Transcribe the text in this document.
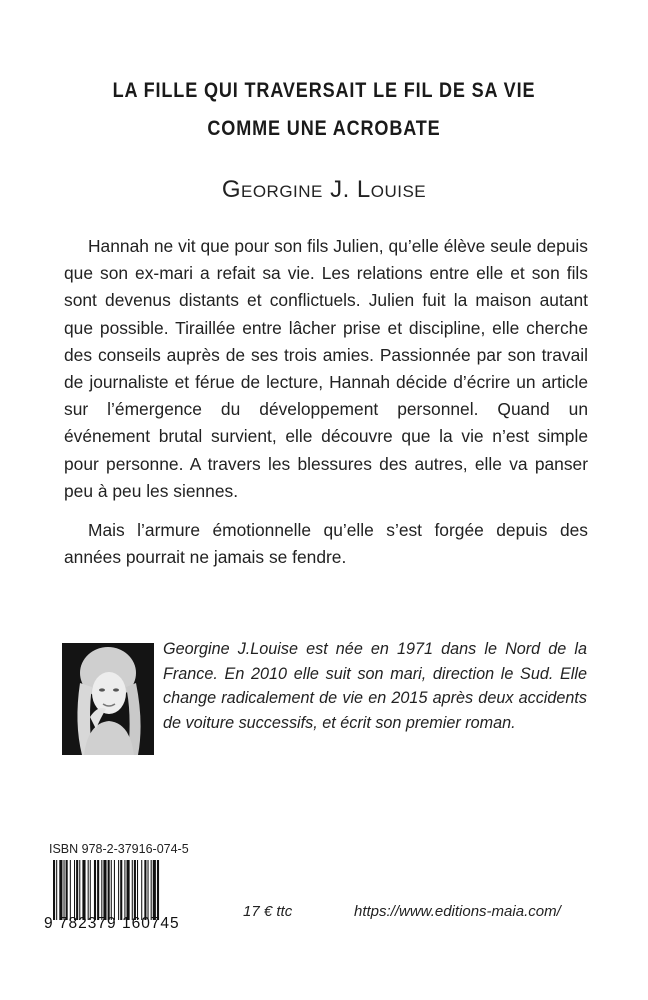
LA FILLE QUI TRAVERSAIT LE FIL DE SA VIE
COMME UNE ACROBATE
Georgine J. Louise

Hannah ne vit que pour son fils Julien, qu’elle élève seule depuis que son ex-mari a refait sa vie. Les relations entre elle et son fils sont devenus distants et conflictuels. Julien fuit la maison autant que possible. Tiraillée entre lâcher prise et discipline, elle cherche des conseils auprès de ses trois amies. Passionnée par son travail de journaliste et férue de lecture, Hannah décide d’écrire un article sur l’émergence du développement personnel. Quand un événement brutal survient, elle découvre que la vie n’est simple pour personne. A travers les blessures des autres, elle va panser peu à peu les siennes.

Mais l’armure émotionnelle qu’elle s’est forgée depuis des années pourrait ne jamais se fendre.

Georgine J.Louise est née en 1971 dans le Nord de la France. En 2010 elle suit son mari, direction le Sud. Elle change radicalement de vie en 2015 après deux accidents de voiture successifs, et écrit son premier roman.
ISBN 978-2-37916-074-5
9 782379 160745
17 € ttc	https://www.editions-maia.com/
